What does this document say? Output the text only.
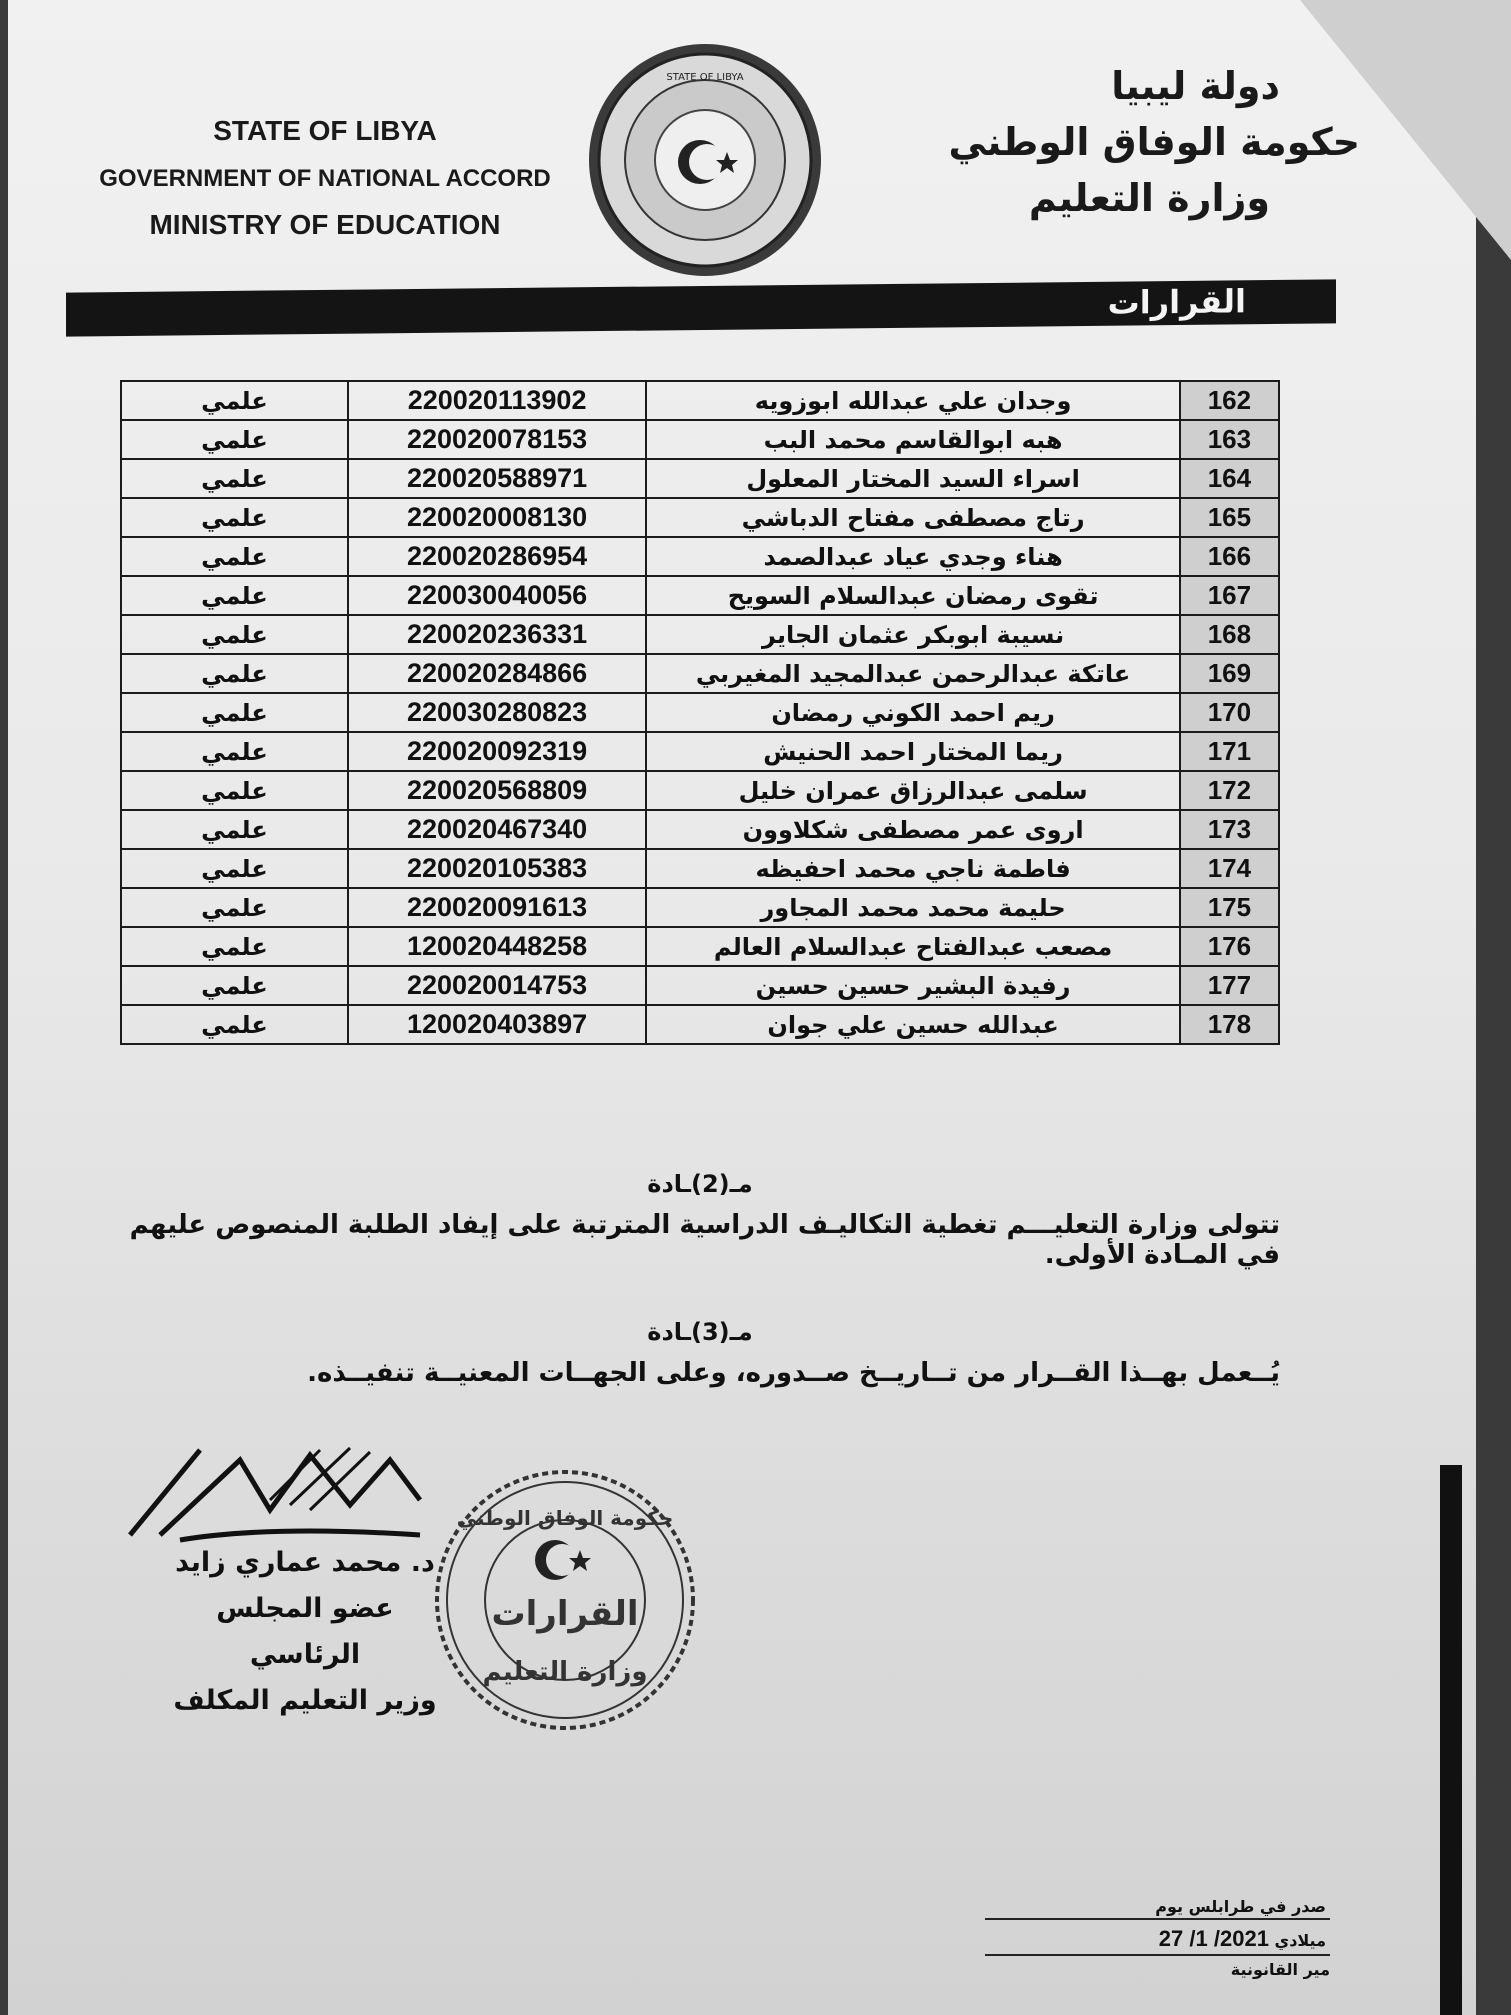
STATE OF LIBYA
GOVERNMENT OF NATIONAL ACCORD
MINISTRY OF EDUCATION
STATE OF LIBYA	دولة ليبيا
حكومة الوفاق الوطني
وزارة التعليم
القرارات
علمي	220020113902	وجدان علي عبدالله ابوزويه	162
علمي	220020078153	هبه ابوالقاسم محمد البب	163
علمي	220020588971	اسراء السيد المختار المعلول	164
علمي	220020008130	رتاج مصطفى مفتاح الدباشي	165
علمي	220020286954	هناء وجدي عياد عبدالصمد	166
علمي	220030040056	تقوى رمضان عبدالسلام السويح	167
علمي	220020236331	نسيبة ابوبكر عثمان الجاير	168
علمي	220020284866	عاتكة عبدالرحمن عبدالمجيد المغيربي	169
علمي	220030280823	ريم احمد الكوني رمضان	170
علمي	220020092319	ريما المختار احمد الحنيش	171
علمي	220020568809	سلمى عبدالرزاق عمران خليل	172
علمي	220020467340	اروى عمر مصطفى شكلاوون	173
علمي	220020105383	فاطمة ناجي محمد احفيظه	174
علمي	220020091613	حليمة محمد محمد المجاور	175
علمي	120020448258	مصعب عبدالفتاح عبدالسلام العالم	176
علمي	220020014753	رفيدة البشير حسين حسين	177
علمي	120020403897	عبدالله حسين علي جوان	178
مـ(2)ـادة
تتولى وزارة التعليـــم تغطية التكاليـف الدراسية المترتبة على إيفاد الطلبة المنصوص عليهم في المـادة الأولى.
مـ(3)ـادة
يُــعمل بهــذا القــرار من تــاريــخ صــدوره، وعلى الجهــات المعنيــة تنفيــذه.
د. محمد عماري زايد
عضو المجلس الرئاسي
وزير التعليم المكلف
حكومة الوفاق الوطني
القرارات
وزارة التعليم
صدر في طرابلس يوم
ميلادي 2021/ 1/ 27
مير القانونية
